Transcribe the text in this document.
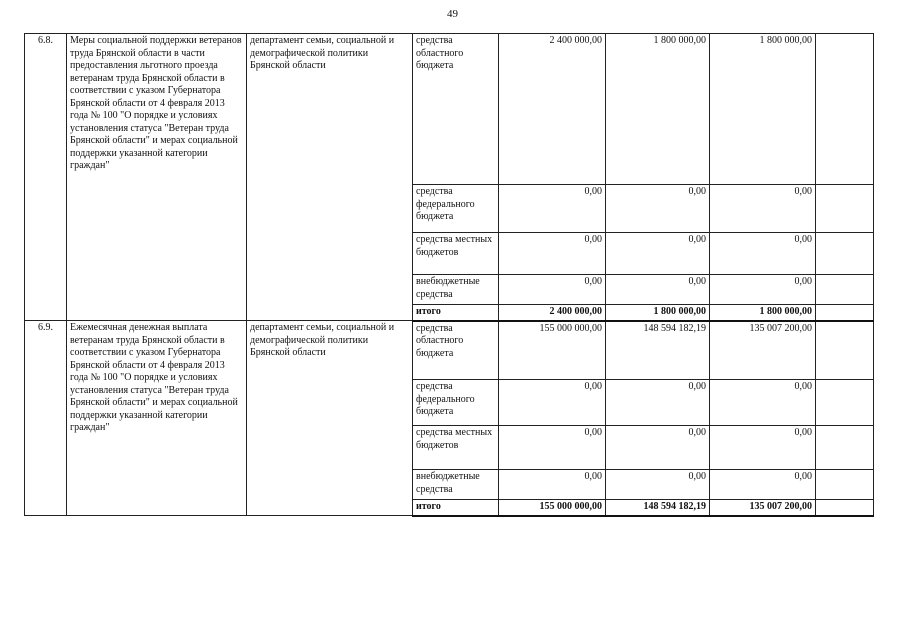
49
6.8.	Меры социальной поддержки ветеранов труда Брянской области в части предоставления льготного проезда ветеранам труда Брянской области в соответствии с указом Губернатора Брянской области от 4 февраля 2013 года № 100 "О порядке и условиях установления статуса "Ветеран труда Брянской области" и мерах социальной поддержки указанной категории граждан"	департамент семьи, социальной и демографической политики Брянской области	средства областного бюджета	2 400 000,00	1 800 000,00	1 800 000,00	
			средства федерального бюджета	0,00	0,00	0,00	
			средства местных бюджетов	0,00	0,00	0,00	
			внебюджетные средства	0,00	0,00	0,00	
			итого	2 400 000,00	1 800 000,00	1 800 000,00	
6.9.	Ежемесячная денежная выплата ветеранам труда Брянской области в соответствии с указом Губернатора Брянской области от 4 февраля 2013 года № 100 "О порядке и условиях установления статуса "Ветеран труда Брянской области" и мерах социальной поддержки указанной категории граждан"	департамент семьи, социальной и демографической политики Брянской области	средства областного бюджета	155 000 000,00	148 594 182,19	135 007 200,00	
			средства федерального бюджета	0,00	0,00	0,00	
			средства местных бюджетов	0,00	0,00	0,00	
			внебюджетные средства	0,00	0,00	0,00	
			итого	155 000 000,00	148 594 182,19	135 007 200,00	
